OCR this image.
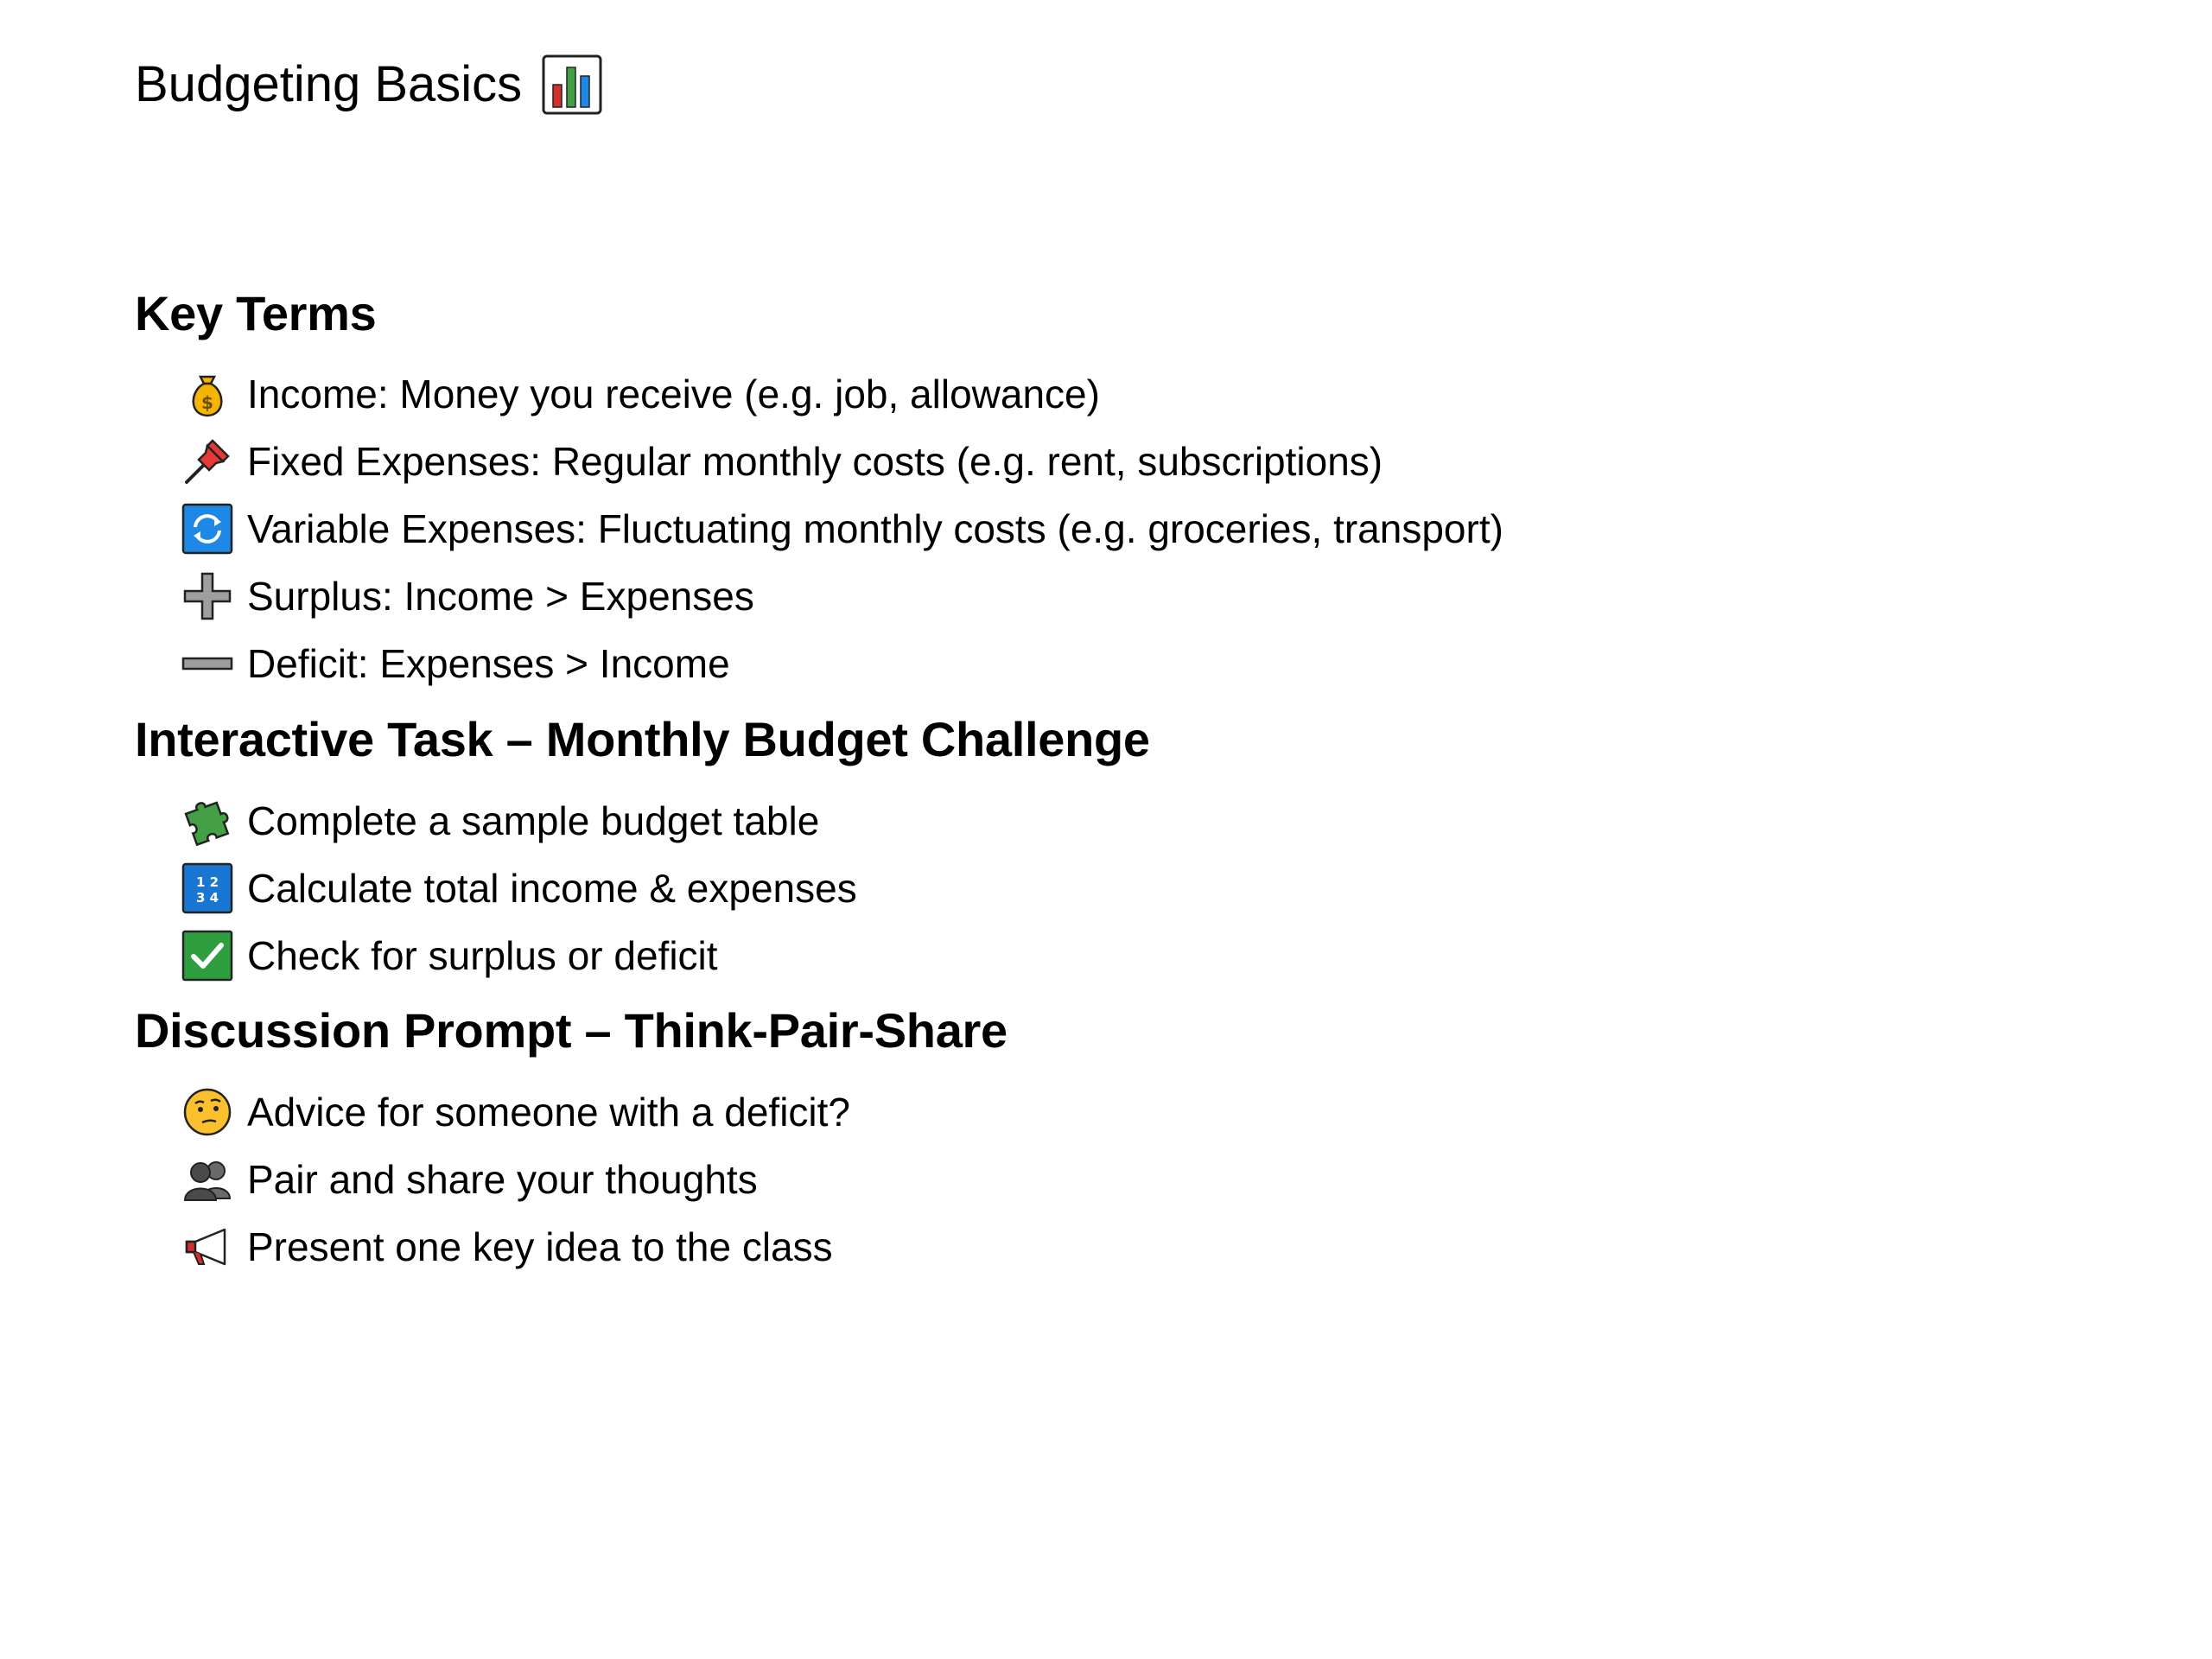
Budgeting Basics
Key Terms
$ Income: Money you receive (e.g. job, allowance)
Fixed Expenses: Regular monthly costs (e.g. rent, subscriptions)
Variable Expenses: Fluctuating monthly costs (e.g. groceries, transport)
Surplus: Income > Expenses
Deficit: Expenses > Income
Interactive Task – Monthly Budget Challenge
Complete a sample budget table
1 2
3 4 Calculate total income & expenses
Check for surplus or deficit
Discussion Prompt – Think-Pair-Share
Advice for someone with a deficit?
Pair and share your thoughts
Present one key idea to the class
